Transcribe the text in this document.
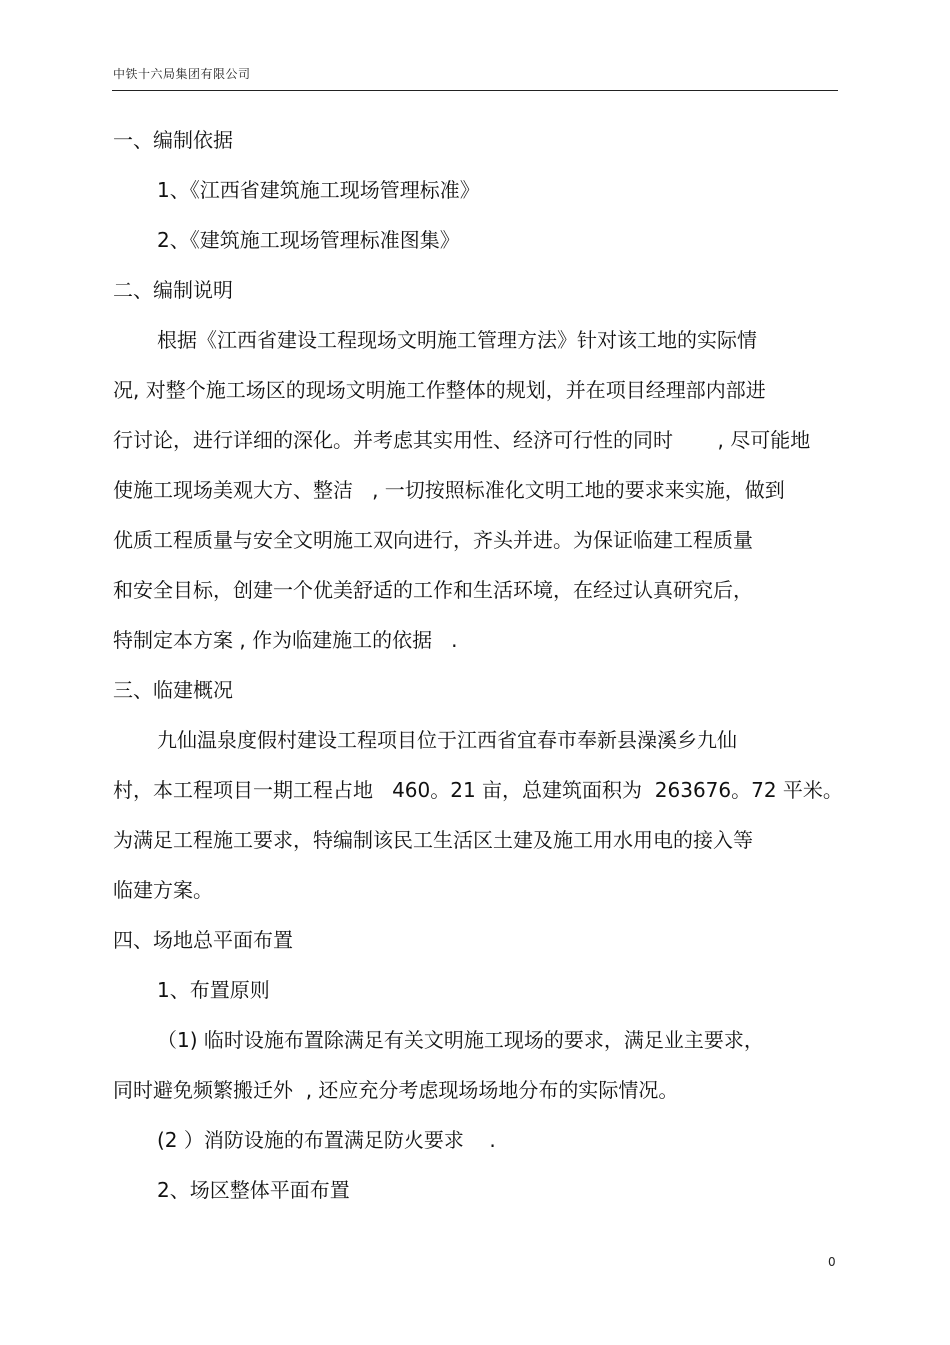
中铁十六局集团有限公司
一、编制依据
1、《江西省建筑施工现场管理标准》
2、《建筑施工现场管理标准图集》
二、编制说明
根据《江西省建设工程现场文明施工管理方法》针对该工地的实际情
况, 对整个施工场区的现场文明施工作整体的规划，并在项目经理部内部进
行讨论，进行详细的深化。并考虑其实用性、经济可行性的同时       , 尽可能地
使施工现场美观大方、整洁   , 一切按照标准化文明工地的要求来实施，做到
优质工程质量与安全文明施工双向进行，齐头并进。为保证临建工程质量
和安全目标，创建一个优美舒适的工作和生活环境，在经过认真研究后，
特制定本方案 , 作为临建施工的依据   .
三、临建概况
九仙温泉度假村建设工程项目位于江西省宜春市奉新县澡溪乡九仙
村，本工程项目一期工程占地   460。21 亩，总建筑面积为  263676。72 平米。
为满足工程施工要求，特编制该民工生活区土建及施工用水用电的接入等
临建方案。
四、场地总平面布置
1、布置原则
（1) 临时设施布置除满足有关文明施工现场的要求，满足业主要求，
同时避免频繁搬迁外  , 还应充分考虑现场场地分布的实际情况。
(2 ）消防设施的布置满足防火要求    .
2、场区整体平面布置
0
